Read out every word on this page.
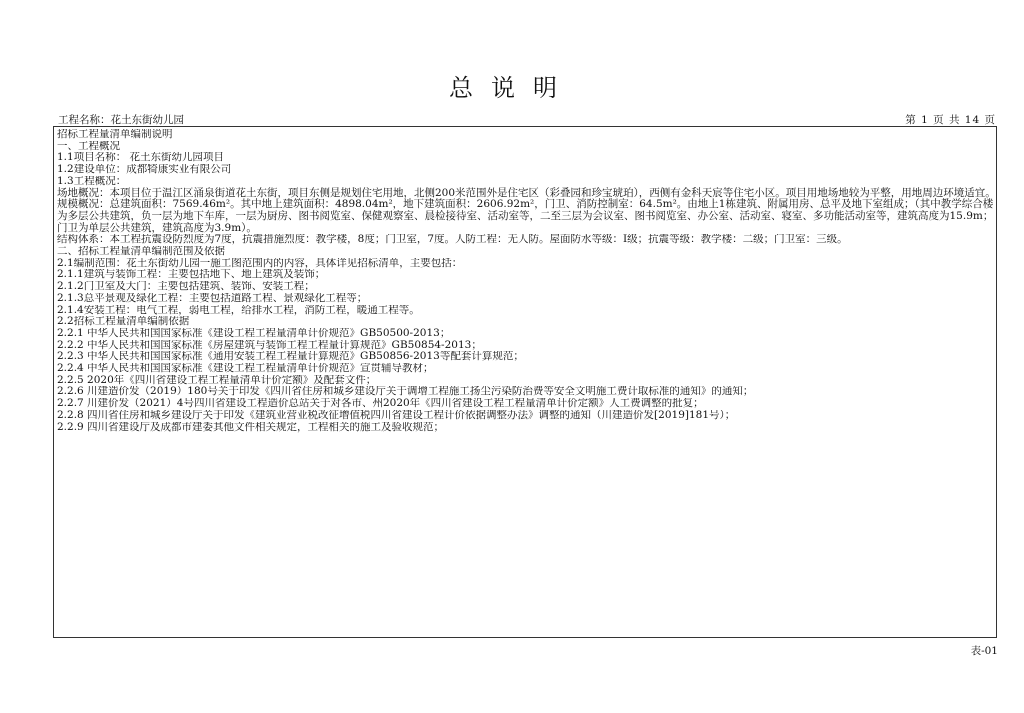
总说明
工程名称：花土东街幼儿园	第 1 页 共 14 页
招标工程量清单编制说明
一、工程概况
1.1项目名称： 花土东街幼儿园项目
1.2建设单位：成都犄康实业有限公司
1.3工程概况：
场地概况：本项目位于温江区涌泉街道花土东街，项目东侧是规划住宅用地，北侧200米范围外是住宅区（彩叠园和珍宝琥珀），西侧有金科天宸等住宅小区。项目用地场地较为平整，用地周边环境适宜。
规模概况：总建筑面积：7569.46m²。其中地上建筑面积：4898.04m²，地下建筑面积：2606.92m²，门卫、消防控制室：64.5m²。由地上1栋建筑、附属用房、总平及地下室组成；（其中教学综合楼为多层公共建筑，负一层为地下车库，一层为厨房、图书阅览室、保健观察室、晨检接待室、活动室等，二至三层为会议室、图书阅览室、办公室、活动室、寝室、多功能活动室等，建筑高度为15.9m；门卫为单层公共建筑，建筑高度为3.9m）。
结构体系：本工程抗震设防烈度为7度，抗震措施烈度：教学楼，8度；门卫室，7度。人防工程：无人防。屋面防水等级：Ⅰ级；抗震等级：教学楼：二级；门卫室：三级。
二、招标工程量清单编制范围及依据
2.1编制范围：花土东街幼儿园一施工图范围内的内容，具体详见招标清单，主要包括：
2.1.1建筑与装饰工程：主要包括地下、地上建筑及装饰；
2.1.2门卫室及大门：主要包括建筑、装饰、安装工程；
2.1.3总平景观及绿化工程：主要包括道路工程、景观绿化工程等；
2.1.4安装工程：电气工程，弱电工程，给排水工程，消防工程，暖通工程等。
2.2招标工程量清单编制依据
2.2.1 中华人民共和国国家标准《建设工程工程量清单计价规范》GB50500-2013；
2.2.2 中华人民共和国国家标准《房屋建筑与装饰工程工程量计算规范》GB50854-2013；
2.2.3 中华人民共和国国家标准《通用安装工程工程量计算规范》GB50856-2013等配套计算规范；
2.2.4 中华人民共和国国家标准《建设工程工程量清单计价规范》宣贯辅导教材；
2.2.5 2020年《四川省建设工程工程量清单计价定额》及配套文件；
2.2.6 川建造价发（2019）180号关于印发《四川省住房和城乡建设厅关于调增工程施工扬尘污染防治费等安全文明施工费计取标准的通知》的通知；
2.2.7 川建价发（2021）4号四川省建设工程造价总站关于对各市、州2020年《四川省建设工程工程量清单计价定额》人工费调整的批复；
2.2.8 四川省住房和城乡建设厅关于印发《建筑业营业税改征增值税四川省建设工程计价依据调整办法》调整的通知（川建造价发[2019]181号）；
2.2.9 四川省建设厅及成都市建委其他文件相关规定，工程相关的施工及验收规范；
表-01
